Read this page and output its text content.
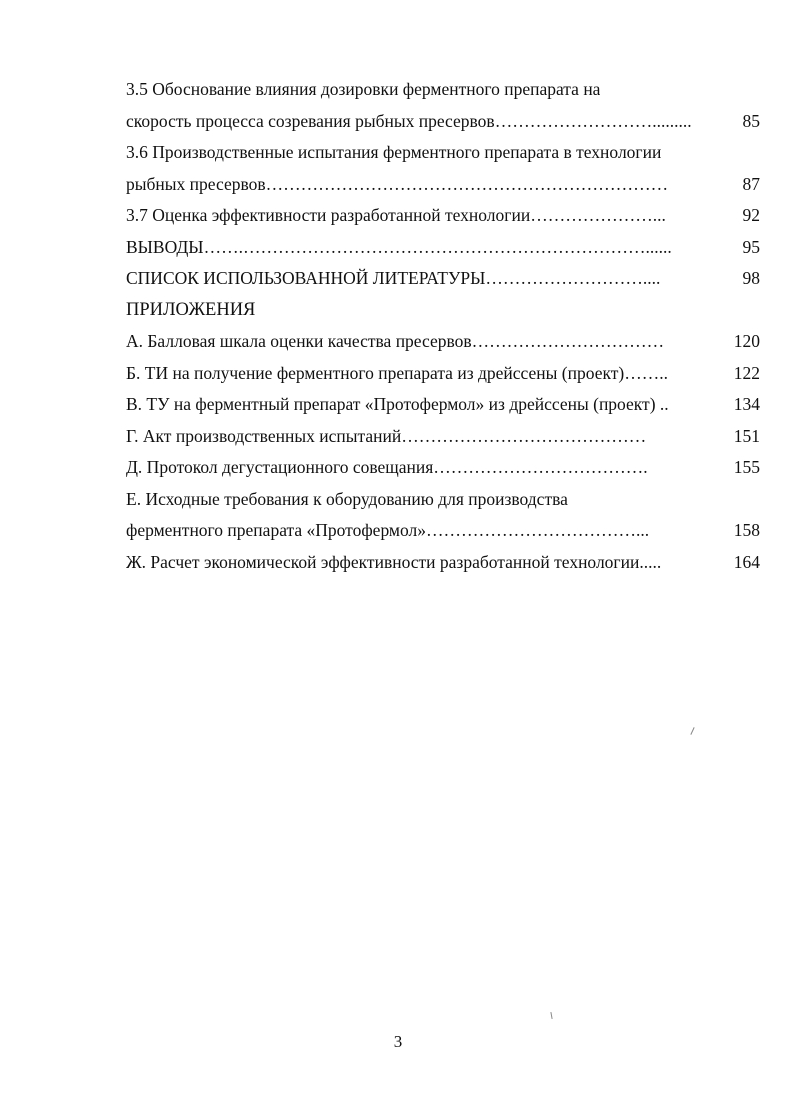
3.5 Обоснование влияния дозировки ферментного препарата на
скорость процесса созревания рыбных пресервов……………………….........	85
3.6 Производственные испытания ферментного препарата в технологии
рыбных пресервов……………………………………………………………	87
3.7 Оценка эффективности разработанной технологии…………………...	92
ВЫВОДЫ…….……………………………………………………………......	95
СПИСОК ИСПОЛЬЗОВАННОЙ ЛИТЕРАТУРЫ………………………....	98
ПРИЛОЖЕНИЯ
А. Балловая шкала оценки качества пресервов……………………………	120
Б. ТИ на получение ферментного препарата из дрейссены (проект)……..	122
В. ТУ на ферментный препарат «Протофермол» из дрейссены (проект) ..	134
Г. Акт производственных испытаний……………………………………	151
Д. Протокол дегустационного совещания……………………………….	155
Е. Исходные требования к оборудованию для производства
ферментного препарата «Протофермол»………………………………...	158
Ж. Расчет экономической эффективности разработанной технологии.....	164
3
